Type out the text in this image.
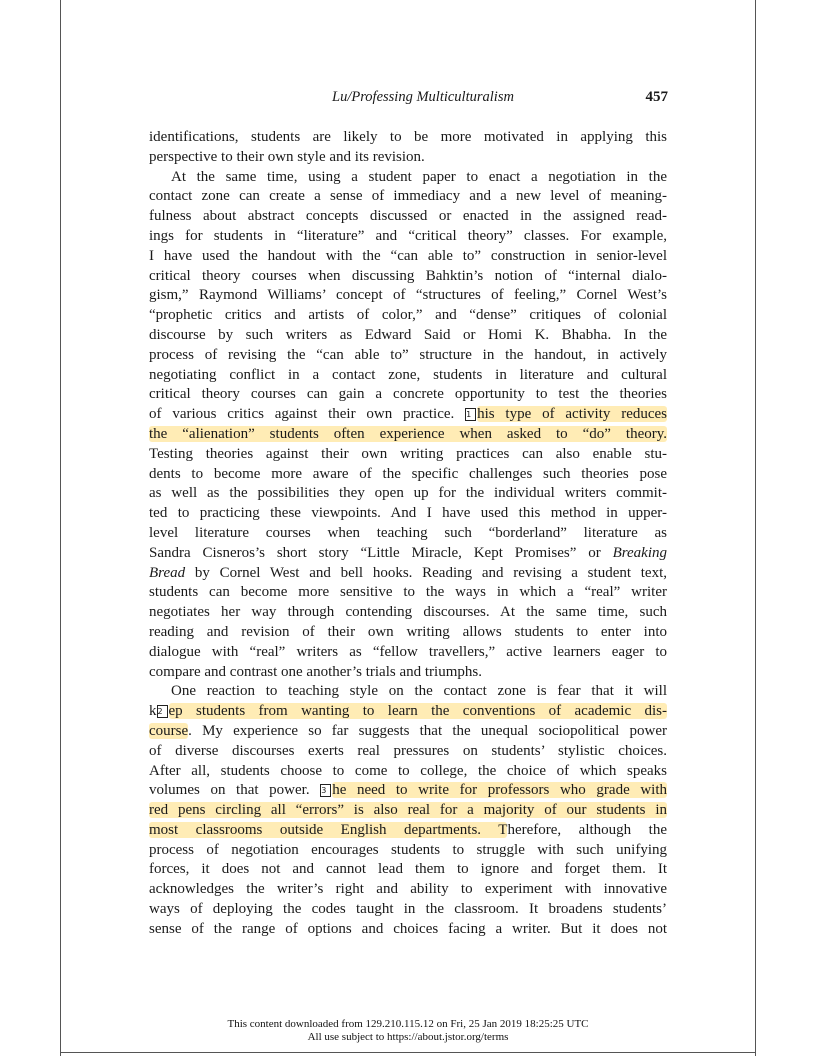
Lu/Professing Multiculturalism	457
identifications, students are likely to be more motivated in applying this
perspective to their own style and its revision.
At the same time, using a student paper to enact a negotiation in the
contact zone can create a sense of immediacy and a new level of meaning-
fulness about abstract concepts discussed or enacted in the assigned read-
ings for students in “literature” and “critical theory” classes. For example,
I have used the handout with the “can able to” construction in senior-level
critical theory courses when discussing Bahktin’s notion of “internal dialo-
gism,” Raymond Williams’ concept of “structures of feeling,” Cornel West’s
“prophetic critics and artists of color,” and “dense” critiques of colonial
discourse by such writers as Edward Said or Homi K. Bhabha. In the
process of revising the “can able to” structure in the handout, in actively
negotiating conflict in a contact zone, students in literature and cultural
critical theory courses can gain a concrete opportunity to test the theories
of various critics against their own practice. 1 his type of activity reduces
the “alienation” students often experience when asked to “do” theory.
Testing theories against their own writing practices can also enable stu-
dents to become more aware of the specific challenges such theories pose
as well as the possibilities they open up for the individual writers commit-
ted to practicing these viewpoints. And I have used this method in upper-
level literature courses when teaching such “borderland” literature as
Sandra Cisneros’s short story “Little Miracle, Kept Promises” or Breaking
Bread by Cornel West and bell hooks. Reading and revising a student text,
students can become more sensitive to the ways in which a “real” writer
negotiates her way through contending discourses. At the same time, such
reading and revision of their own writing allows students to enter into
dialogue with “real” writers as “fellow travellers,” active learners eager to
compare and contrast one another’s trials and triumphs.
One reaction to teaching style on the contact zone is fear that it will
k2 ep students from wanting to learn the conventions of academic dis-
course. My experience so far suggests that the unequal sociopolitical power
of diverse discourses exerts real pressures on students’ stylistic choices.
After all, students choose to come to college, the choice of which speaks
volumes on that power. 3 he need to write for professors who grade with
red pens circling all “errors” is also real for a majority of our students in
most classrooms outside English departments. Therefore, although the
process of negotiation encourages students to struggle with such unifying
forces, it does not and cannot lead them to ignore and forget them. It
acknowledges the writer’s right and ability to experiment with innovative
ways of deploying the codes taught in the classroom. It broadens students’
sense of the range of options and choices facing a writer. But it does not
This content downloaded from 129.210.115.12 on Fri, 25 Jan 2019 18:25:25 UTC
All use subject to https://about.jstor.org/terms
